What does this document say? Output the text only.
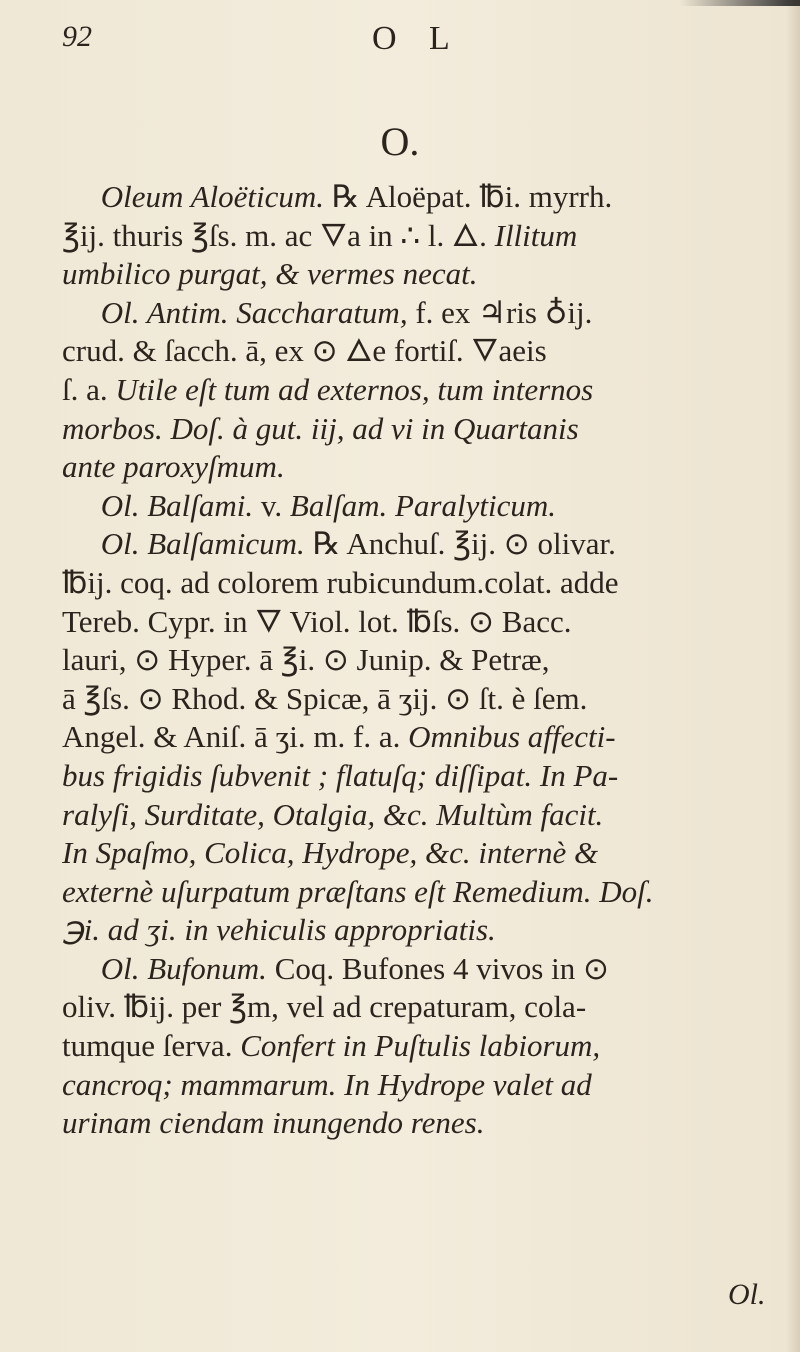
92	O L
O.
Oleum Aloëticum. ℞ Aloëpat. ℔i. myrrh.
℥ij. thuris ℥ſs. m. ac 🜄a in ∴ l. 🜂. Illitum
umbilico purgat, & vermes necat.
Ol. Antim. Saccharatum, f. ex ♃ris ♁ij.
crud. & ſacch. ā, ex ⊙ 🜂e fortiſ. 🜄aeis
ſ. a. Utile eſt tum ad externos, tum internos
morbos. Doſ. à gut. iij, ad vi in Quartanis
ante paroxyſmum.
Ol. Balſami. v. Balſam. Paralyticum.
Ol. Balſamicum. ℞ Anchuſ. ℥ij. ⊙ olivar.
℔ij. coq. ad colorem rubicundum.colat. adde
Tereb. Cypr. in 🜄 Viol. lot. ℔ſs. ⊙ Bacc.
lauri, ⊙ Hyper. ā ℥i. ⊙ Junip. & Petræ,
ā ℥ſs. ⊙ Rhod. & Spicæ, ā ʒij. ⊙ ſt. è ſem.
Angel. & Aniſ. ā ʒi. m. f. a. Omnibus affecti-
bus frigidis ſubvenit ; flatuſq; diſſipat. In Pa-
ralyſi, Surditate, Otalgia, &c. Multùm facit.
In Spaſmo, Colica, Hydrope, &c. internè &
externè uſurpatum præſtans eſt Remedium. Doſ.
℈i. ad ʒi. in vehiculis appropriatis.
Ol. Bufonum. Coq. Bufones 4 vivos in ⊙
oliv. ℔ij. per ℥m, vel ad crepaturam, cola-
tumque ſerva. Confert in Puſtulis labiorum,
cancroq; mammarum. In Hydrope valet ad
urinam ciendam inungendo renes.
Ol.
